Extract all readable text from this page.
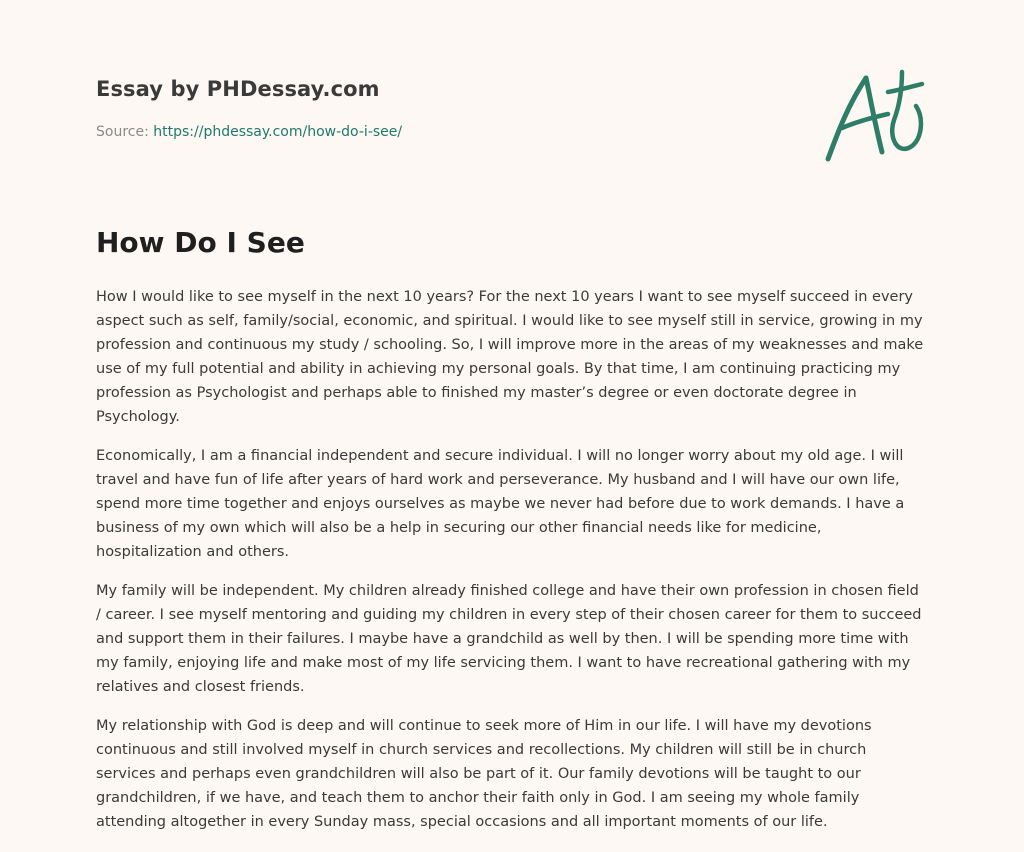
Essay by PHDessay.com
Source: https://phdessay.com/how-do-i-see/
How Do I See

How I would like to see myself in the next 10 years? For the next 10 years I want to see myself succeed in every aspect such as self, family/social, economic, and spiritual. I would like to see myself still in service, growing in my profession and continuous my study / schooling. So, I will improve more in the areas of my weaknesses and make use of my full potential and ability in achieving my personal goals. By that time, I am continuing practicing my profession as Psychologist and perhaps able to finished my master’s degree or even doctorate degree in Psychology.

Economically, I am a financial independent and secure individual. I will no longer worry about my old age. I will travel and have fun of life after years of hard work and perseverance. My husband and I will have our own life, spend more time together and enjoys ourselves as maybe we never had before due to work demands. I have a business of my own which will also be a help in securing our other financial needs like for medicine, hospitalization and others.

My family will be independent. My children already finished college and have their own profession in chosen field / career. I see myself mentoring and guiding my children in every step of their chosen career for them to succeed and support them in their failures. I maybe have a grandchild as well by then. I will be spending more time with my family, enjoying life and make most of my life servicing them. I want to have recreational gathering with my relatives and closest friends.

My relationship with God is deep and will continue to seek more of Him in our life. I will have my devotions continuous and still involved myself in church services and recollections. My children will still be in church services and perhaps even grandchildren will also be part of it. Our family devotions will be taught to our grandchildren, if we have, and teach them to anchor their faith only in God. I am seeing my whole family attending altogether in every Sunday mass, special occasions and all important moments of our life.
